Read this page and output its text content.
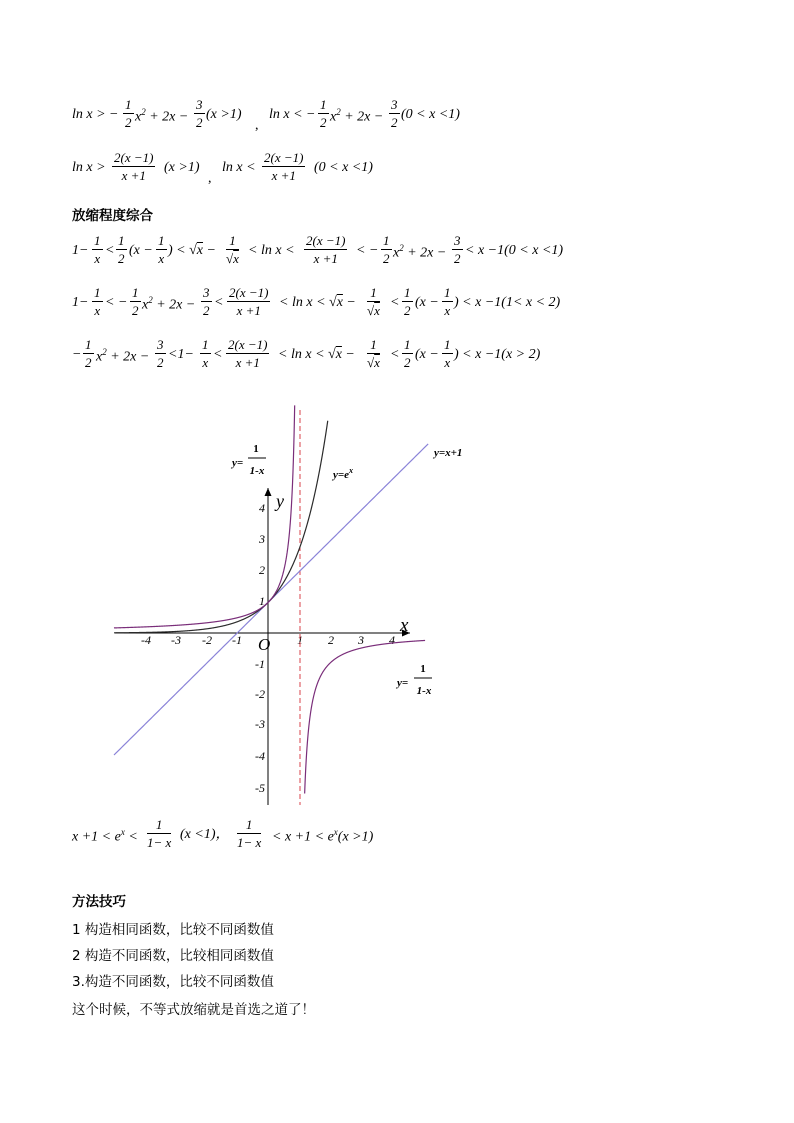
ln x > − $\frac{1}{2} x^2 + 2x - \frac{3}{2} (x >1)$
,
ln x < − $\frac{1}{2} x^2 + 2x - \frac{3}{2} (0 < x <1)$
$\ln x > \frac{2(x -1)}{x +1} (x >1)$
,
$\ln x < \frac{2(x -1)}{x +1} (0 < x <1)$
放缩程度综合
$1- \frac{1}{x} < \frac{1}{2} (x - \frac{1}{x}$ ) < $√x - \frac{1}{√x} < \ln x < \frac{2(x -1)}{x +1}$ < − $\frac{1}{2} x^2 + 2x - \frac{3}{2} < x -1(0 < x <1)$
$1- \frac{1}{x}$ < − $\frac{1}{2} x^2 + 2x - \frac{3}{2} < \frac{2(x -1)}{x +1} < \ln x < √x - \frac{1}{√x} < \frac{1}{2} (x - \frac{1}{x}$ ) < x −1(1< x < 2)
− $\frac{1}{2} x^2 + 2x - \frac{3}{2} <1- \frac{1}{x} < \frac{2(x -1)}{x +1} < \ln x < √x - \frac{1}{√x} < \frac{1}{2} (x - \frac{1}{x}$ ) < x −1(x > 2)
x
y
O
-4 -3 -2 -1	1 2 3 4
4
3
2
1
-1
-2
-3
-4
-5
$y=e^x$
y=x+1
y=
1
1-x
y=
1
1-x
$x +1 < e^x < \frac{1}{1- x} (x <1)$， $\frac{1}{1- x} < x +1 < e^x(x >1)$
方法技巧
1 构造相同函数，比较不同函数值
2 构造不同函数，比较相同函数值
3.构造不同函数，比较不同函数值
这个时候，不等式放缩就是首选之道了！
